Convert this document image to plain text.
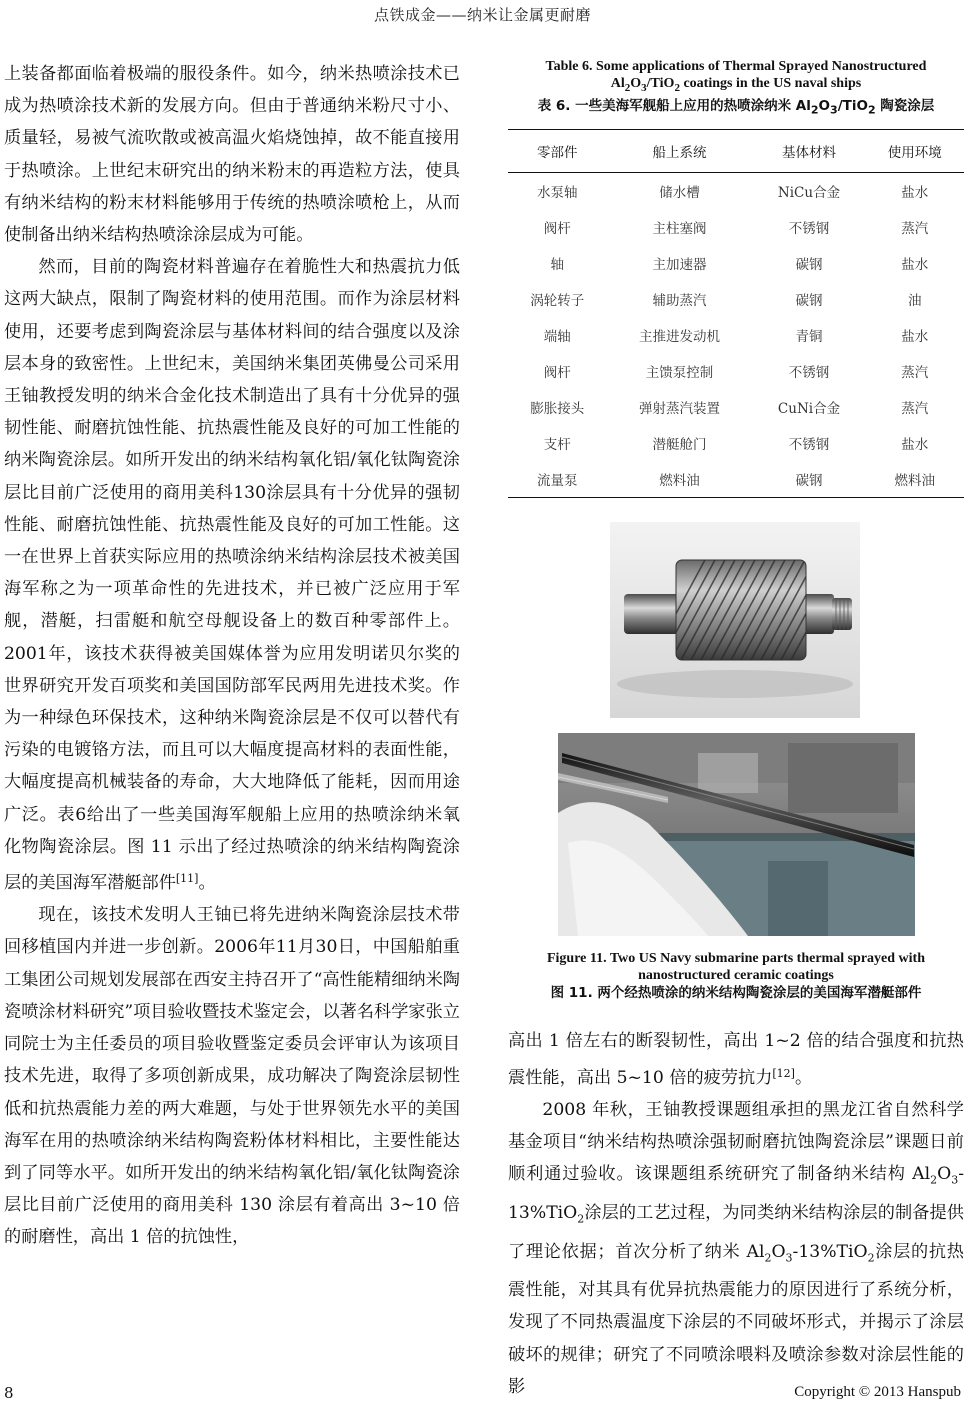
点铁成金——纳米让金属更耐磨

上装备都面临着极端的服役条件。如今，纳米热喷涂技术已成为热喷涂技术新的发展方向。但由于普通纳米粉尺寸小、质量轻，易被气流吹散或被高温火焰烧蚀掉，故不能直接用于热喷涂。上世纪末研究出的纳米粉末的再造粒方法，使具有纳米结构的粉末材料能够用于传统的热喷涂喷枪上，从而使制备出纳米结构热喷涂涂层成为可能。

然而，目前的陶瓷材料普遍存在着脆性大和热震抗力低这两大缺点，限制了陶瓷材料的使用范围。而作为涂层材料使用，还要考虑到陶瓷涂层与基体材料间的结合强度以及涂层本身的致密性。上世纪末，美国纳米集团英佛曼公司采用王铀教授发明的纳米合金化技术制造出了具有十分优异的强韧性能、耐磨抗蚀性能、抗热震性能及良好的可加工性能的纳米陶瓷涂层。如所开发出的纳米结构氧化铝/氧化钛陶瓷涂层比目前广泛使用的商用美科130涂层具有十分优异的强韧性能、耐磨抗蚀性能、抗热震性能及良好的可加工性能。这一在世界上首获实际应用的热喷涂纳米结构涂层技术被美国海军称之为一项革命性的先进技术，并已被广泛应用于军舰，潜艇，扫雷艇和航空母舰设备上的数百种零部件上。2001年，该技术获得被美国媒体誉为应用发明诺贝尔奖的世界研究开发百项奖和美国国防部军民两用先进技术奖。作为一种绿色环保技术，这种纳米陶瓷涂层是不仅可以替代有污染的电镀铬方法，而且可以大幅度提高材料的表面性能，大幅度提高机械装备的寿命，大大地降低了能耗，因而用途广泛。表6给出了一些美国海军舰船上应用的热喷涂纳米氧化物陶瓷涂层。图 11 示出了经过热喷涂的纳米结构陶瓷涂层的美国海军潜艇部件[11]。

现在，该技术发明人王铀已将先进纳米陶瓷涂层技术带回移植国内并进一步创新。2006年11月30日，中国船舶重工集团公司规划发展部在西安主持召开了“高性能精细纳米陶瓷喷涂材料研究”项目验收暨技术鉴定会，以著名科学家张立同院士为主任委员的项目验收暨鉴定委员会评审认为该项目技术先进，取得了多项创新成果，成功解决了陶瓷涂层韧性低和抗热震能力差的两大难题，与处于世界领先水平的美国海军在用的热喷涂纳米结构陶瓷粉体材料相比，主要性能达到了同等水平。如所开发出的纳米结构氧化铝/氧化钛陶瓷涂层比目前广泛使用的商用美科 130 涂层有着高出 3~10 倍的耐磨性，高出 1 倍的抗蚀性，

Table 6. Some applications of Thermal Sprayed Nanostructured
$Al_2O_3/TiO_2$ coatings in the US naval ships

表 6. 一些美海军舰船上应用的热喷涂纳米 $Al_2O_3/TiO_2$ 陶瓷涂层

零部件	船上系统	基体材料	使用环境
水泵轴	储水槽	NiCu合金	盐水
阀杆	主柱塞阀	不锈钢	蒸汽
轴	主加速器	碳钢	盐水
涡轮转子	辅助蒸汽	碳钢	油
端轴	主推进发动机	青铜	盐水
阀杆	主馈泵控制	不锈钢	蒸汽
膨胀接头	弹射蒸汽装置	CuNi合金	蒸汽
支杆	潜艇舱门	不锈钢	盐水
流量泵	燃料油	碳钢	燃料油

Figure 11. Two US Navy submarine parts thermal sprayed with
nanostructured ceramic coatings

图 11. 两个经热喷涂的纳米结构陶瓷涂层的美国海军潜艇部件

高出 1 倍左右的断裂韧性，高出 1~2 倍的结合强度和抗热震性能，高出 5~10 倍的疲劳抗力[12]。

2008 年秋，王铀教授课题组承担的黑龙江省自然科学基金项目“纳米结构热喷涂强韧耐磨抗蚀陶瓷涂层”课题日前顺利通过验收。该课题组系统研究了制备纳米结构 $Al_2O_3-13\%TiO_2$涂层的工艺过程，为同类纳米结构涂层的制备提供了理论依据；首次分析了纳米 $Al_2O_3-13\%TiO_2$涂层的抗热震性能，对其具有优异抗热震能力的原因进行了系统分析，发现了不同热震温度下涂层的不同破坏形式，并揭示了涂层破坏的规律；研究了不同喷涂喂料及喷涂参数对涂层性能的影

8	Copyright © 2013 Hanspub
